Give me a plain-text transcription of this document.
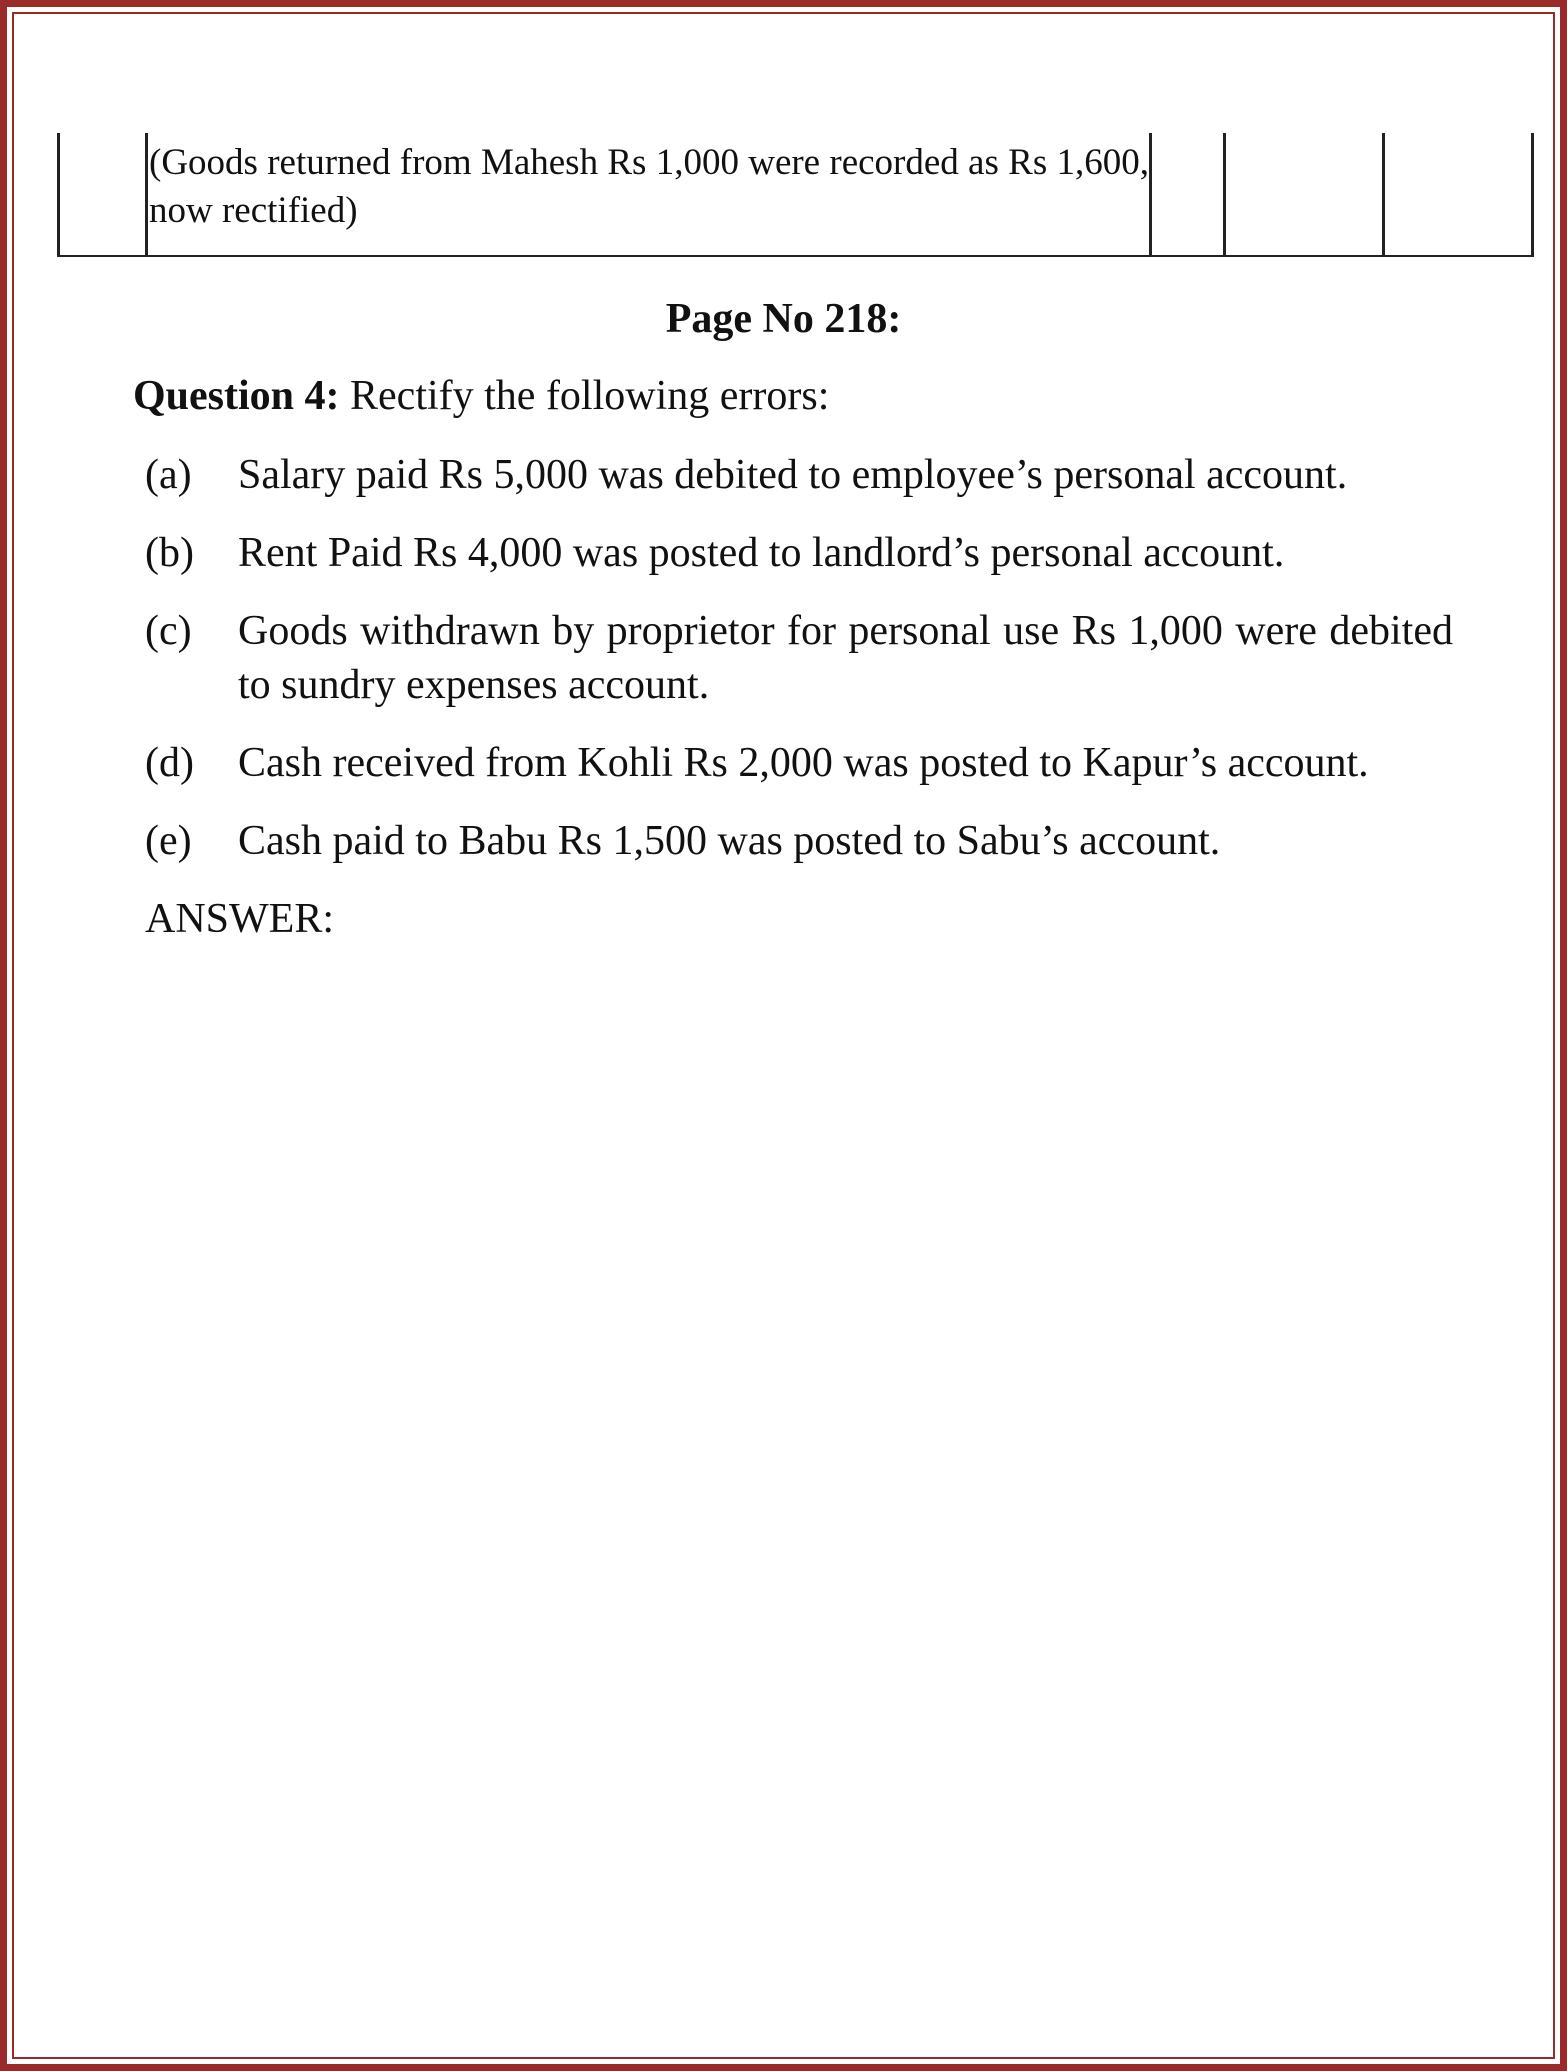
(Goods returned from Mahesh Rs 1,000 were recorded as Rs 1,600, now rectified)
Page No 218:
Question 4: Rectify the following errors:
(a) Salary paid Rs 5,000 was debited to employee’s personal account.
(b) Rent Paid Rs 4,000 was posted to landlord’s personal account.
(c) Goods withdrawn by proprietor for personal use Rs 1,000 were debited to sundry expenses account.
(d) Cash received from Kohli Rs 2,000 was posted to Kapur’s account.
(e) Cash paid to Babu Rs 1,500 was posted to Sabu’s account.
ANSWER:
